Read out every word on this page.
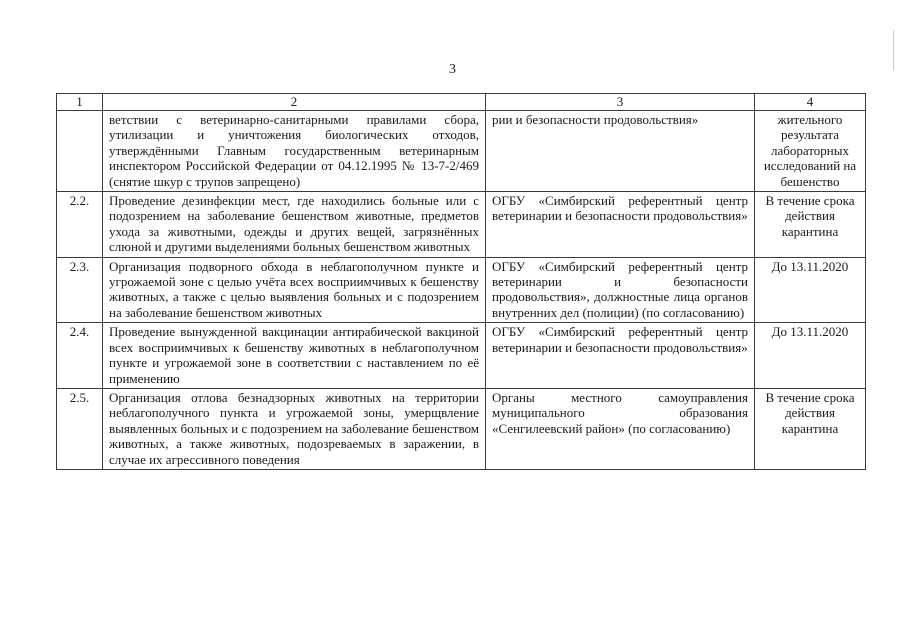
3
1	2	3	4
	ветствии с ветеринарно-санитарными правилами сбора, утилизации и уничтожения биологических отходов, утверждёнными Главным государственным ветеринарным инспектором Российской Федерации от 04.12.1995 № 13-7-2/469 (снятие шкур с трупов запрещено)	рии и безопасности продовольствия»	жительного результата лабораторных исследований на бешенство
2.2.	Проведение дезинфекции мест, где находились больные или с подозрением на заболевание бешенством животные, предметов ухода за животными, одежды и других вещей, загрязнённых слюной и другими выделениями больных бешенством животных	ОГБУ «Симбирский референтный центр ветеринарии и безопасности продовольствия»	В течение срока действия карантина
2.3.	Организация подворного обхода в неблагополучном пункте и угрожаемой зоне с целью учёта всех восприимчивых к бешенству животных, а также с целью выявления больных и с подозрением на заболевание бешенством животных	ОГБУ «Симбирский референтный центр ветеринарии и безопасности продовольствия», должностные лица органов внутренних дел (полиции) (по согласованию)	До 13.11.2020
2.4.	Проведение вынужденной вакцинации антирабической вакциной всех восприимчивых к бешенству животных в неблагополучном пункте и угрожаемой зоне в соответствии с наставлением по её применению	ОГБУ «Симбирский референтный центр ветеринарии и безопасности продовольствия»	До 13.11.2020
2.5.	Организация отлова безнадзорных животных на территории неблагополучного пункта и угрожаемой зоны, умерщвление выявленных больных и с подозрением на заболевание бешенством животных, а также животных, подозреваемых в заражении, в случае их агрессивного поведения	Органы местного самоуправления муниципального образования «Сенгилеевский район» (по согласованию)	В течение срока действия карантина
